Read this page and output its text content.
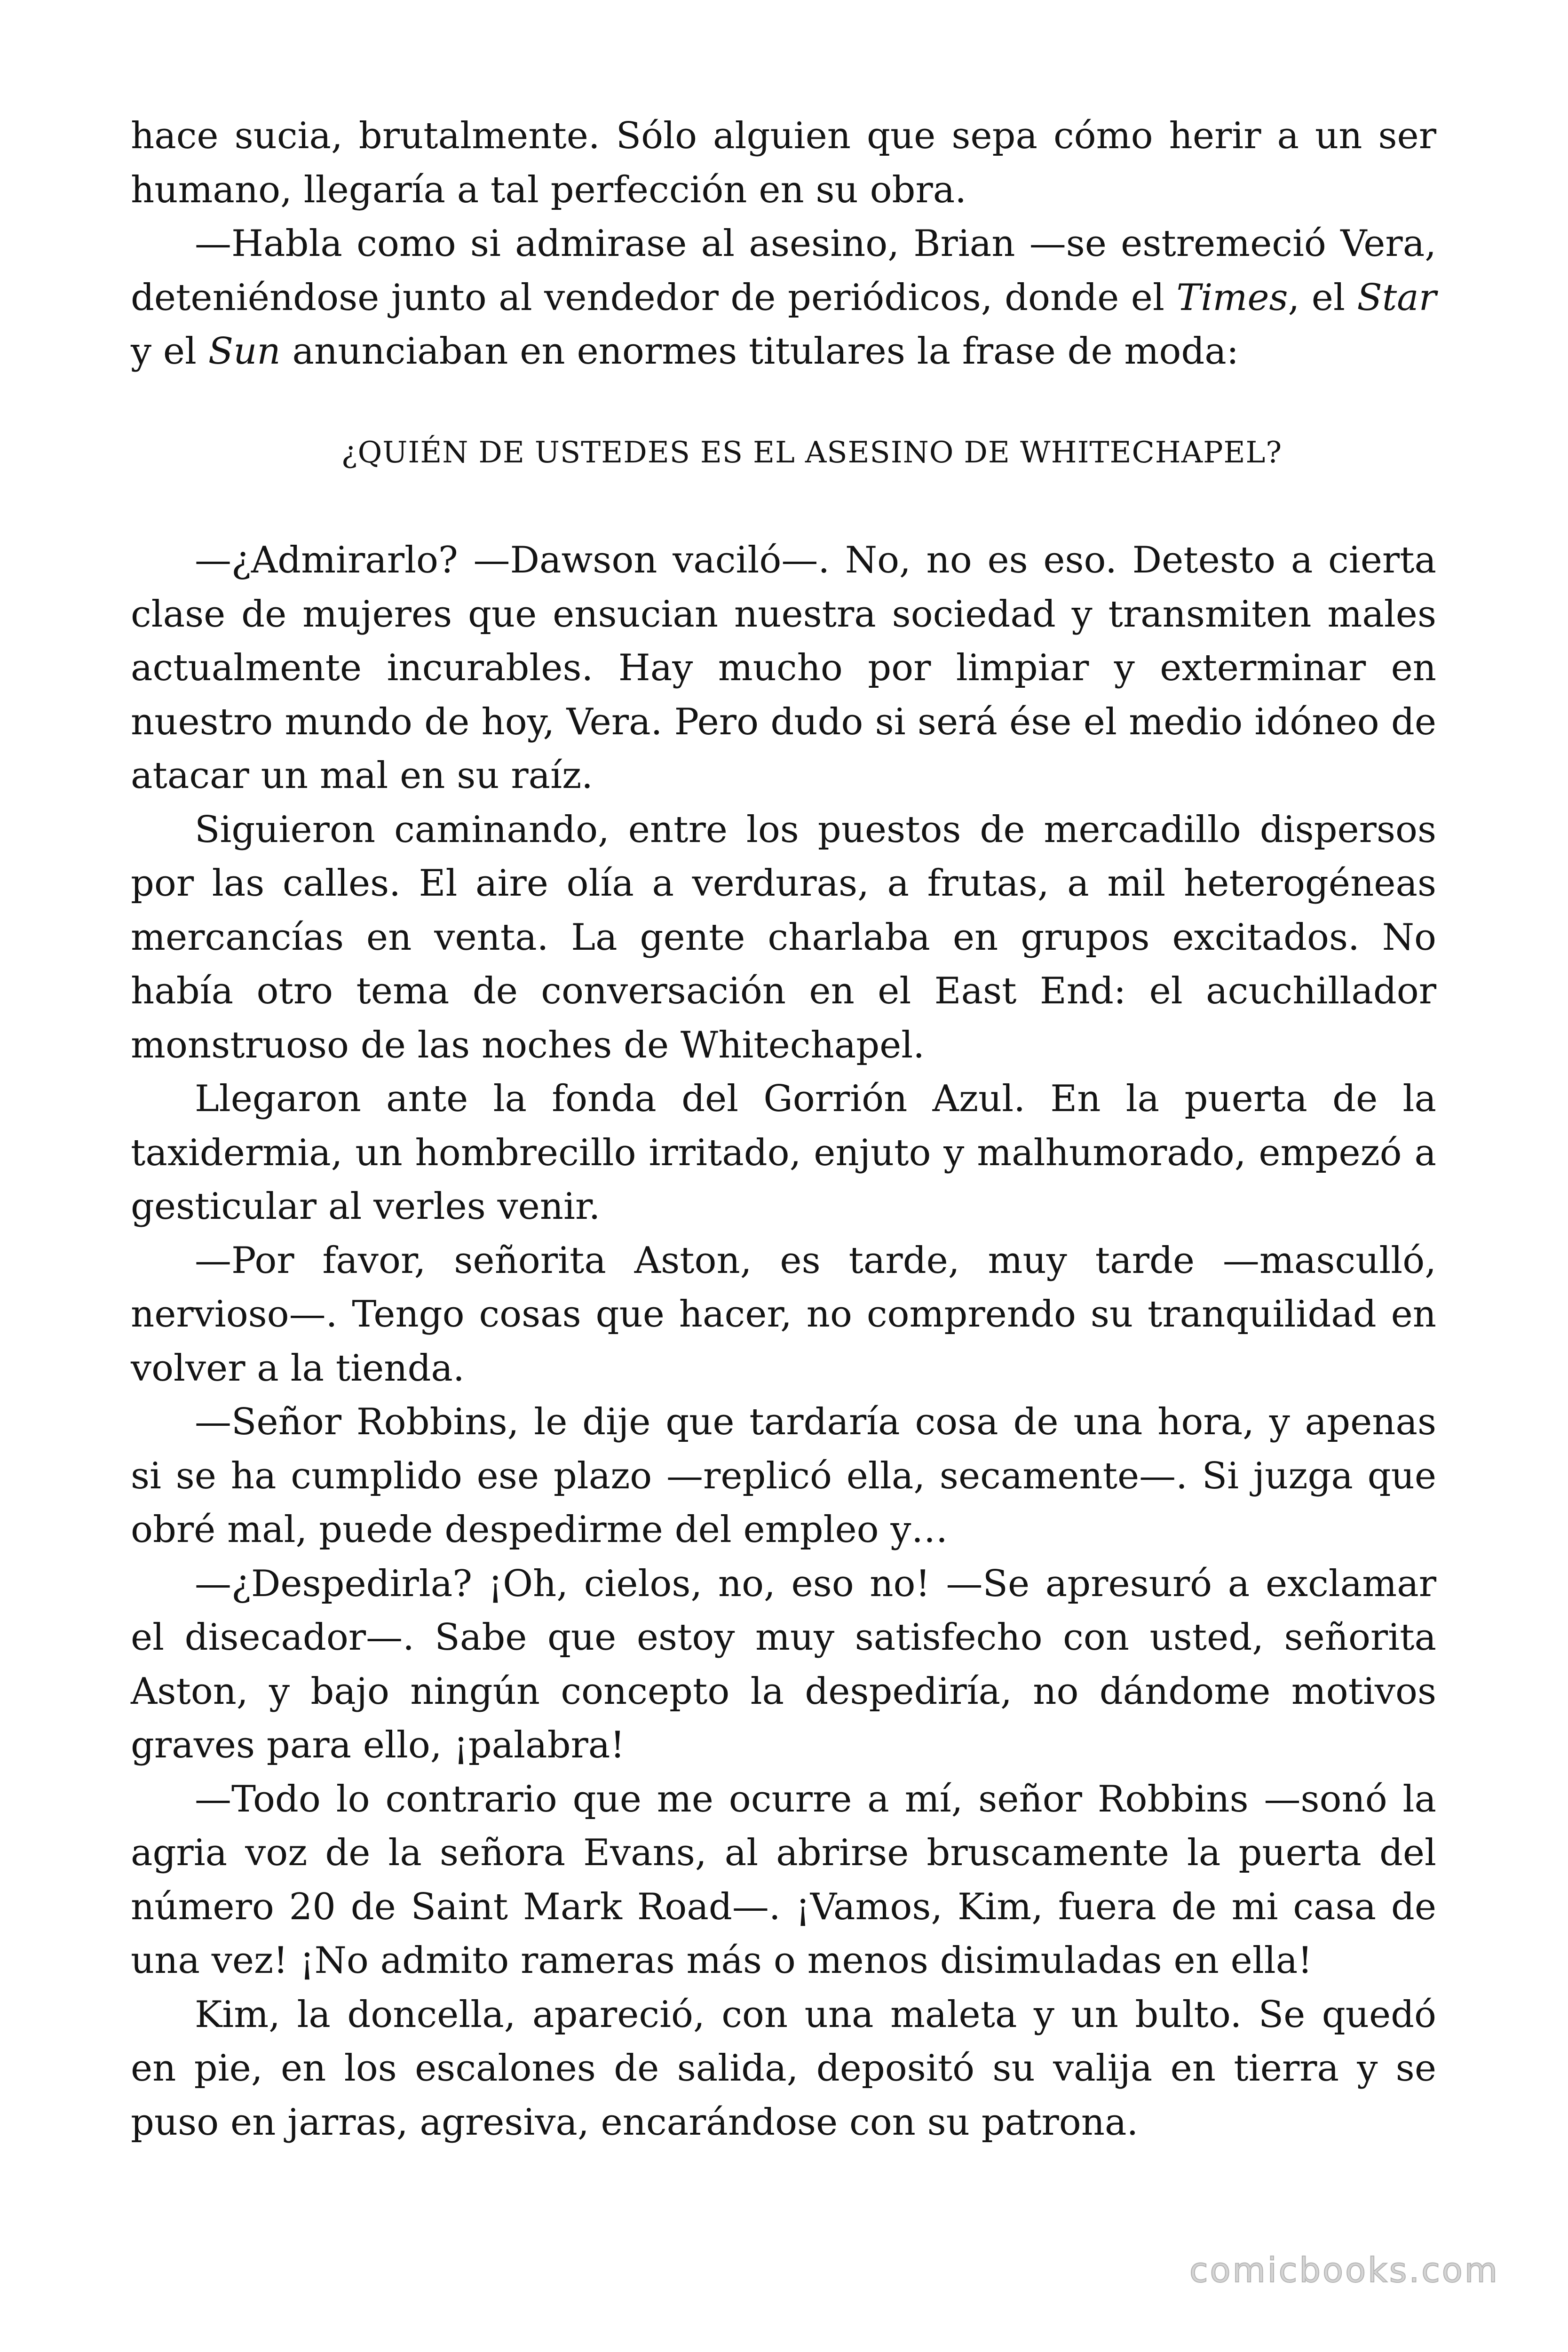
hace sucia, brutalmente. Sólo alguien que sepa cómo herir a un ser humano, llegaría a tal perfección en su obra.

—Habla como si admirase al asesino, Brian —se estremeció Vera, deteniéndose junto al vendedor de periódicos, donde el Times, el Star y el Sun anunciaban en enormes titulares la frase de moda:

¿QUIÉN DE USTEDES ES EL ASESINO DE WHITECHAPEL?

—¿Admirarlo? —Dawson vaciló—. No, no es eso. Detesto a cierta clase de mujeres que ensucian nuestra sociedad y transmiten males actualmente incurables. Hay mucho por limpiar y exterminar en nuestro mundo de hoy, Vera. Pero dudo si será ése el medio idóneo de atacar un mal en su raíz.

Siguieron caminando, entre los puestos de mercadillo dispersos por las calles. El aire olía a verduras, a frutas, a mil heterogéneas mercancías en venta. La gente charlaba en grupos excitados. No había otro tema de conversación en el East End: el acuchillador monstruoso de las noches de Whitechapel.

Llegaron ante la fonda del Gorrión Azul. En la puerta de la taxidermia, un hombrecillo irritado, enjuto y malhumorado, empezó a gesticular al verles venir.

—Por favor, señorita Aston, es tarde, muy tarde —masculló, nervioso—. Tengo cosas que hacer, no comprendo su tranquilidad en volver a la tienda.

—Señor Robbins, le dije que tardaría cosa de una hora, y apenas si se ha cumplido ese plazo —replicó ella, secamente—. Si juzga que obré mal, puede despedirme del empleo y…

—¿Despedirla? ¡Oh, cielos, no, eso no! —Se apresuró a exclamar el disecador—. Sabe que estoy muy satisfecho con usted, señorita Aston, y bajo ningún concepto la despediría, no dándome motivos graves para ello, ¡palabra!

—Todo lo contrario que me ocurre a mí, señor Robbins —sonó la agria voz de la señora Evans, al abrirse bruscamente la puerta del número 20 de Saint Mark Road—. ¡Vamos, Kim, fuera de mi casa de una vez! ¡No admito rameras más o menos disimuladas en ella!

Kim, la doncella, apareció, con una maleta y un bulto. Se quedó en pie, en los escalones de salida, depositó su valija en tierra y se puso en jarras, agresiva, encarándose con su patrona.

comicbooks.com
